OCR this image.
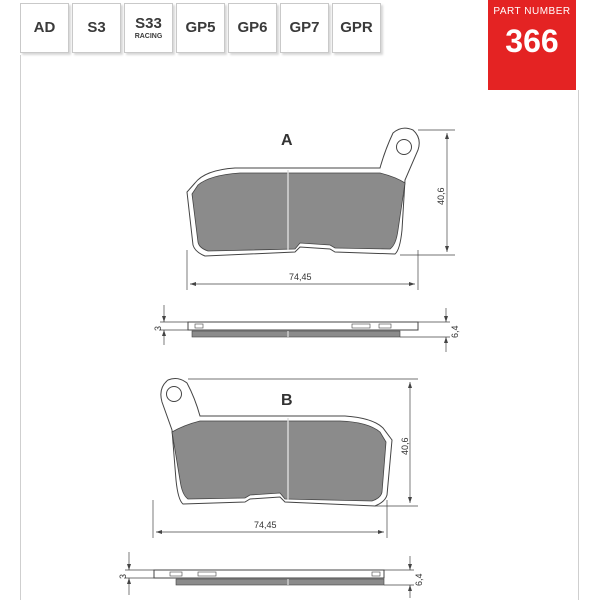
AD S3 S33
RACING GP5 GP6 GP7 GPR
PART NUMBER
366
A
74,45
40,6
3	6,4
B
74,45
40,6
3	6,4
